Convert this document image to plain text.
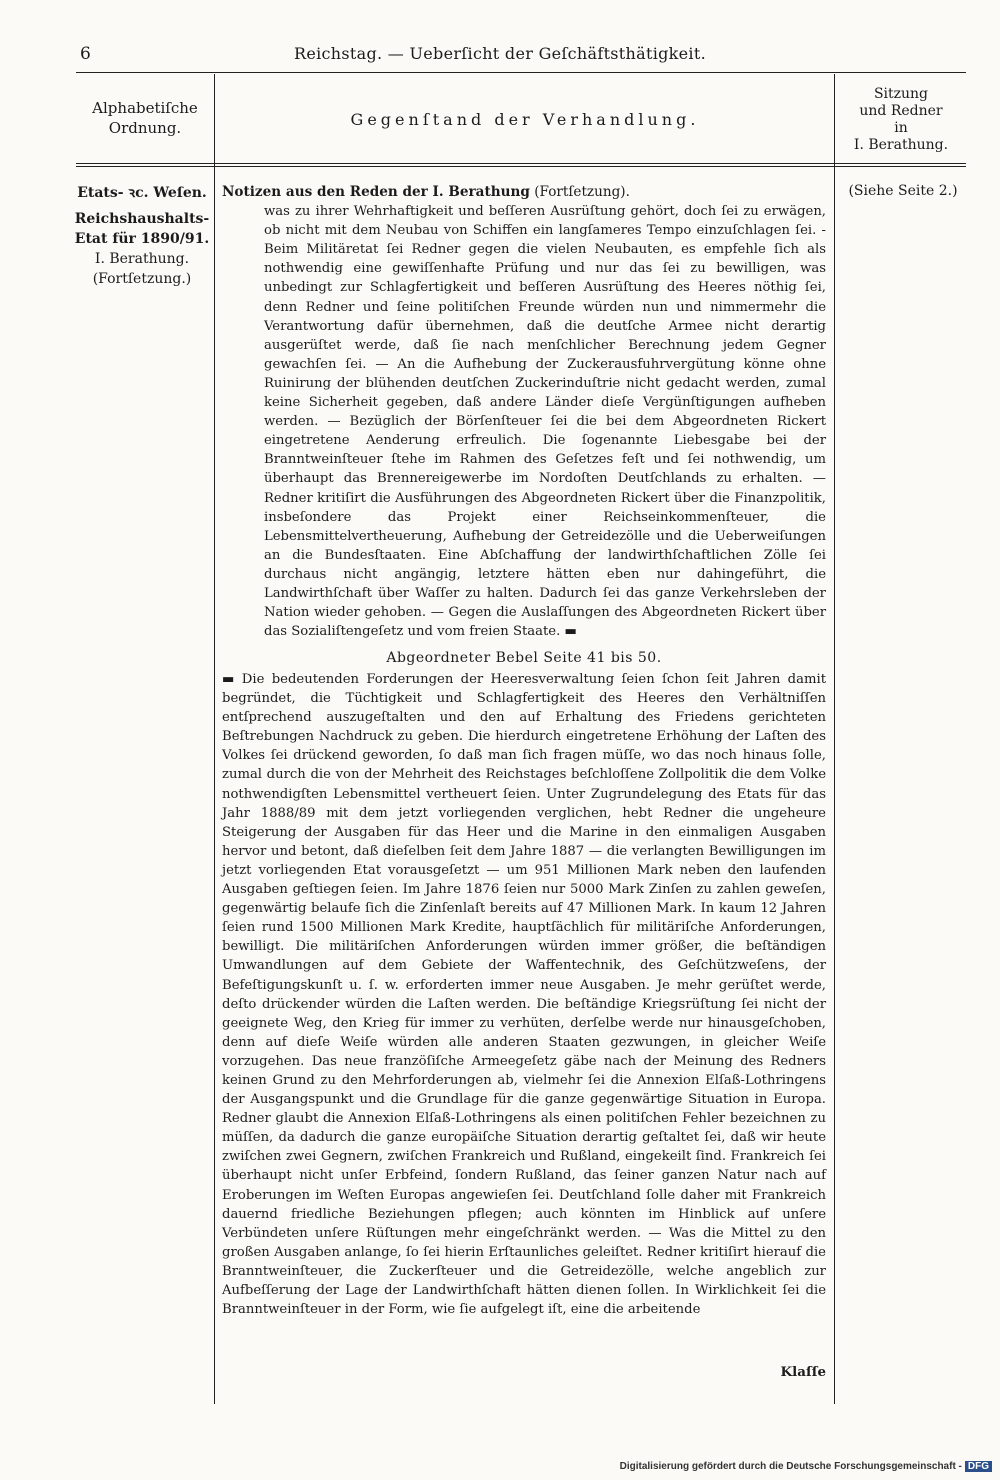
6	Reichstag. — Ueberſicht der Geſchäftsthätigkeit.
Alphabetiſche
Ordnung.	Gegenſtand der Verhandlung.
Sitzung
und Redner
in
I. Berathung.
Etats- ꝛc. Weſen.
Reichshaushalts-
Etat für 1890/91.
I. Berathung.
(Fortſetzung.)
(Siehe Seite 2.)
Notizen aus den Reden der I. Berathung (Fortſetzung).
was zu ihrer Wehrhaftigkeit und beſſeren Ausrüſtung gehört, doch ſei zu erwägen, ob nicht mit dem Neubau von Schiffen ein langſameres Tempo einzuſchlagen ſei. - Beim Militäretat ſei Redner gegen die vielen Neubauten, es empfehle ſich als nothwendig eine gewiſſenhafte Prüfung und nur das ſei zu bewilligen, was unbedingt zur Schlagfertigkeit und beſſeren Ausrüſtung des Heeres nöthig ſei, denn Redner und ſeine politiſchen Freunde würden nun und nimmermehr die Verantwortung dafür übernehmen, daß die deutſche Armee nicht derartig ausgerüſtet werde, daß ſie nach menſchlicher Berechnung jedem Gegner gewachſen ſei. — An die Aufhebung der Zuckerausfuhrvergütung könne ohne Ruinirung der blühenden deutſchen Zuckerinduſtrie nicht gedacht werden, zumal keine Sicherheit gegeben, daß andere Länder dieſe Vergünſtigungen aufheben werden. — Bezüglich der Börſenſteuer ſei die bei dem Abgeordneten Rickert eingetretene Aenderung erfreulich. Die ſogenannte Liebesgabe bei der Branntweinſteuer ſtehe im Rahmen des Geſetzes feſt und ſei nothwendig, um überhaupt das Brennereigewerbe im Nordoſten Deutſchlands zu erhalten. — Redner kritiſirt die Ausführungen des Abgeordneten Rickert über die Finanzpolitik, insbeſondere das Projekt einer Reichseinkommenſteuer, die Lebensmittelvertheuerung, Aufhebung der Getreidezölle und die Ueberweiſungen an die Bundesſtaaten. Eine Abſchaffung der landwirthſchaftlichen Zölle ſei durchaus nicht angängig, letztere hätten eben nur dahingeführt, die Landwirthſchaft über Waſſer zu halten. Dadurch ſei das ganze Verkehrsleben der Nation wieder gehoben. — Gegen die Auslaſſungen des Abgeordneten Rickert über das Sozialiſtengeſetz und vom freien Staate. ▬
Abgeordneter Bebel Seite 41 bis 50.
▬ Die bedeutenden Forderungen der Heeresverwaltung ſeien ſchon ſeit Jahren damit begründet, die Tüchtigkeit und Schlagfertigkeit des Heeres den Verhältniſſen entſprechend auszugeſtalten und den auf Erhaltung des Friedens gerichteten Beſtrebungen Nachdruck zu geben. Die hierdurch eingetretene Erhöhung der Laſten des Volkes ſei drückend geworden, ſo daß man ſich fragen müſſe, wo das noch hinaus ſolle, zumal durch die von der Mehrheit des Reichstages beſchloſſene Zollpolitik die dem Volke nothwendigſten Lebensmittel vertheuert ſeien. Unter Zugrundelegung des Etats für das Jahr 1888/89 mit dem jetzt vorliegenden verglichen, hebt Redner die ungeheure Steigerung der Ausgaben für das Heer und die Marine in den einmaligen Ausgaben hervor und betont, daß dieſelben ſeit dem Jahre 1887 — die verlangten Bewilligungen im jetzt vorliegenden Etat vorausgeſetzt — um 951 Millionen Mark neben den laufenden Ausgaben geſtiegen ſeien. Im Jahre 1876 ſeien nur 5000 Mark Zinſen zu zahlen geweſen, gegenwärtig belaufe ſich die Zinſenlaſt bereits auf 47 Millionen Mark. In kaum 12 Jahren ſeien rund 1500 Millionen Mark Kredite, hauptſächlich für militäriſche Anforderungen, bewilligt. Die militäriſchen Anforderungen würden immer größer, die beſtändigen Umwandlungen auf dem Gebiete der Waffentechnik, des Geſchützweſens, der Befeſtigungskunſt u. ſ. w. erforderten immer neue Ausgaben. Je mehr gerüſtet werde, deſto drückender würden die Laſten werden. Die beſtändige Kriegsrüſtung ſei nicht der geeignete Weg, den Krieg für immer zu verhüten, derſelbe werde nur hinausgeſchoben, denn auf dieſe Weiſe würden alle anderen Staaten gezwungen, in gleicher Weiſe vorzugehen. Das neue franzöſiſche Armeegeſetz gäbe nach der Meinung des Redners keinen Grund zu den Mehrforderungen ab, vielmehr ſei die Annexion Elſaß-Lothringens der Ausgangspunkt und die Grundlage für die ganze gegenwärtige Situation in Europa. Redner glaubt die Annexion Elſaß-Lothringens als einen politiſchen Fehler bezeichnen zu müſſen, da dadurch die ganze europäiſche Situation derartig geſtaltet ſei, daß wir heute zwiſchen zwei Gegnern, zwiſchen Frankreich und Rußland, eingekeilt ſind. Frankreich ſei überhaupt nicht unſer Erbfeind, ſondern Rußland, das ſeiner ganzen Natur nach auf Eroberungen im Weſten Europas angewieſen ſei. Deutſchland ſolle daher mit Frankreich dauernd friedliche Beziehungen pflegen; auch könnten im Hinblick auf unſere Verbündeten unſere Rüſtungen mehr eingeſchränkt werden. — Was die Mittel zu den großen Ausgaben anlange, ſo ſei hierin Erſtaunliches geleiſtet. Redner kritiſirt hierauf die Branntweinſteuer, die Zuckerſteuer und die Getreidezölle, welche angeblich zur Aufbeſſerung der Lage der Landwirthſchaft hätten dienen ſollen. In Wirklichkeit ſei die Branntweinſteuer in der Form, wie ſie aufgelegt iſt, eine die arbeitende
Klaſſe
Digitalisierung gefördert durch die Deutsche Forschungsgemeinschaft - DFG
